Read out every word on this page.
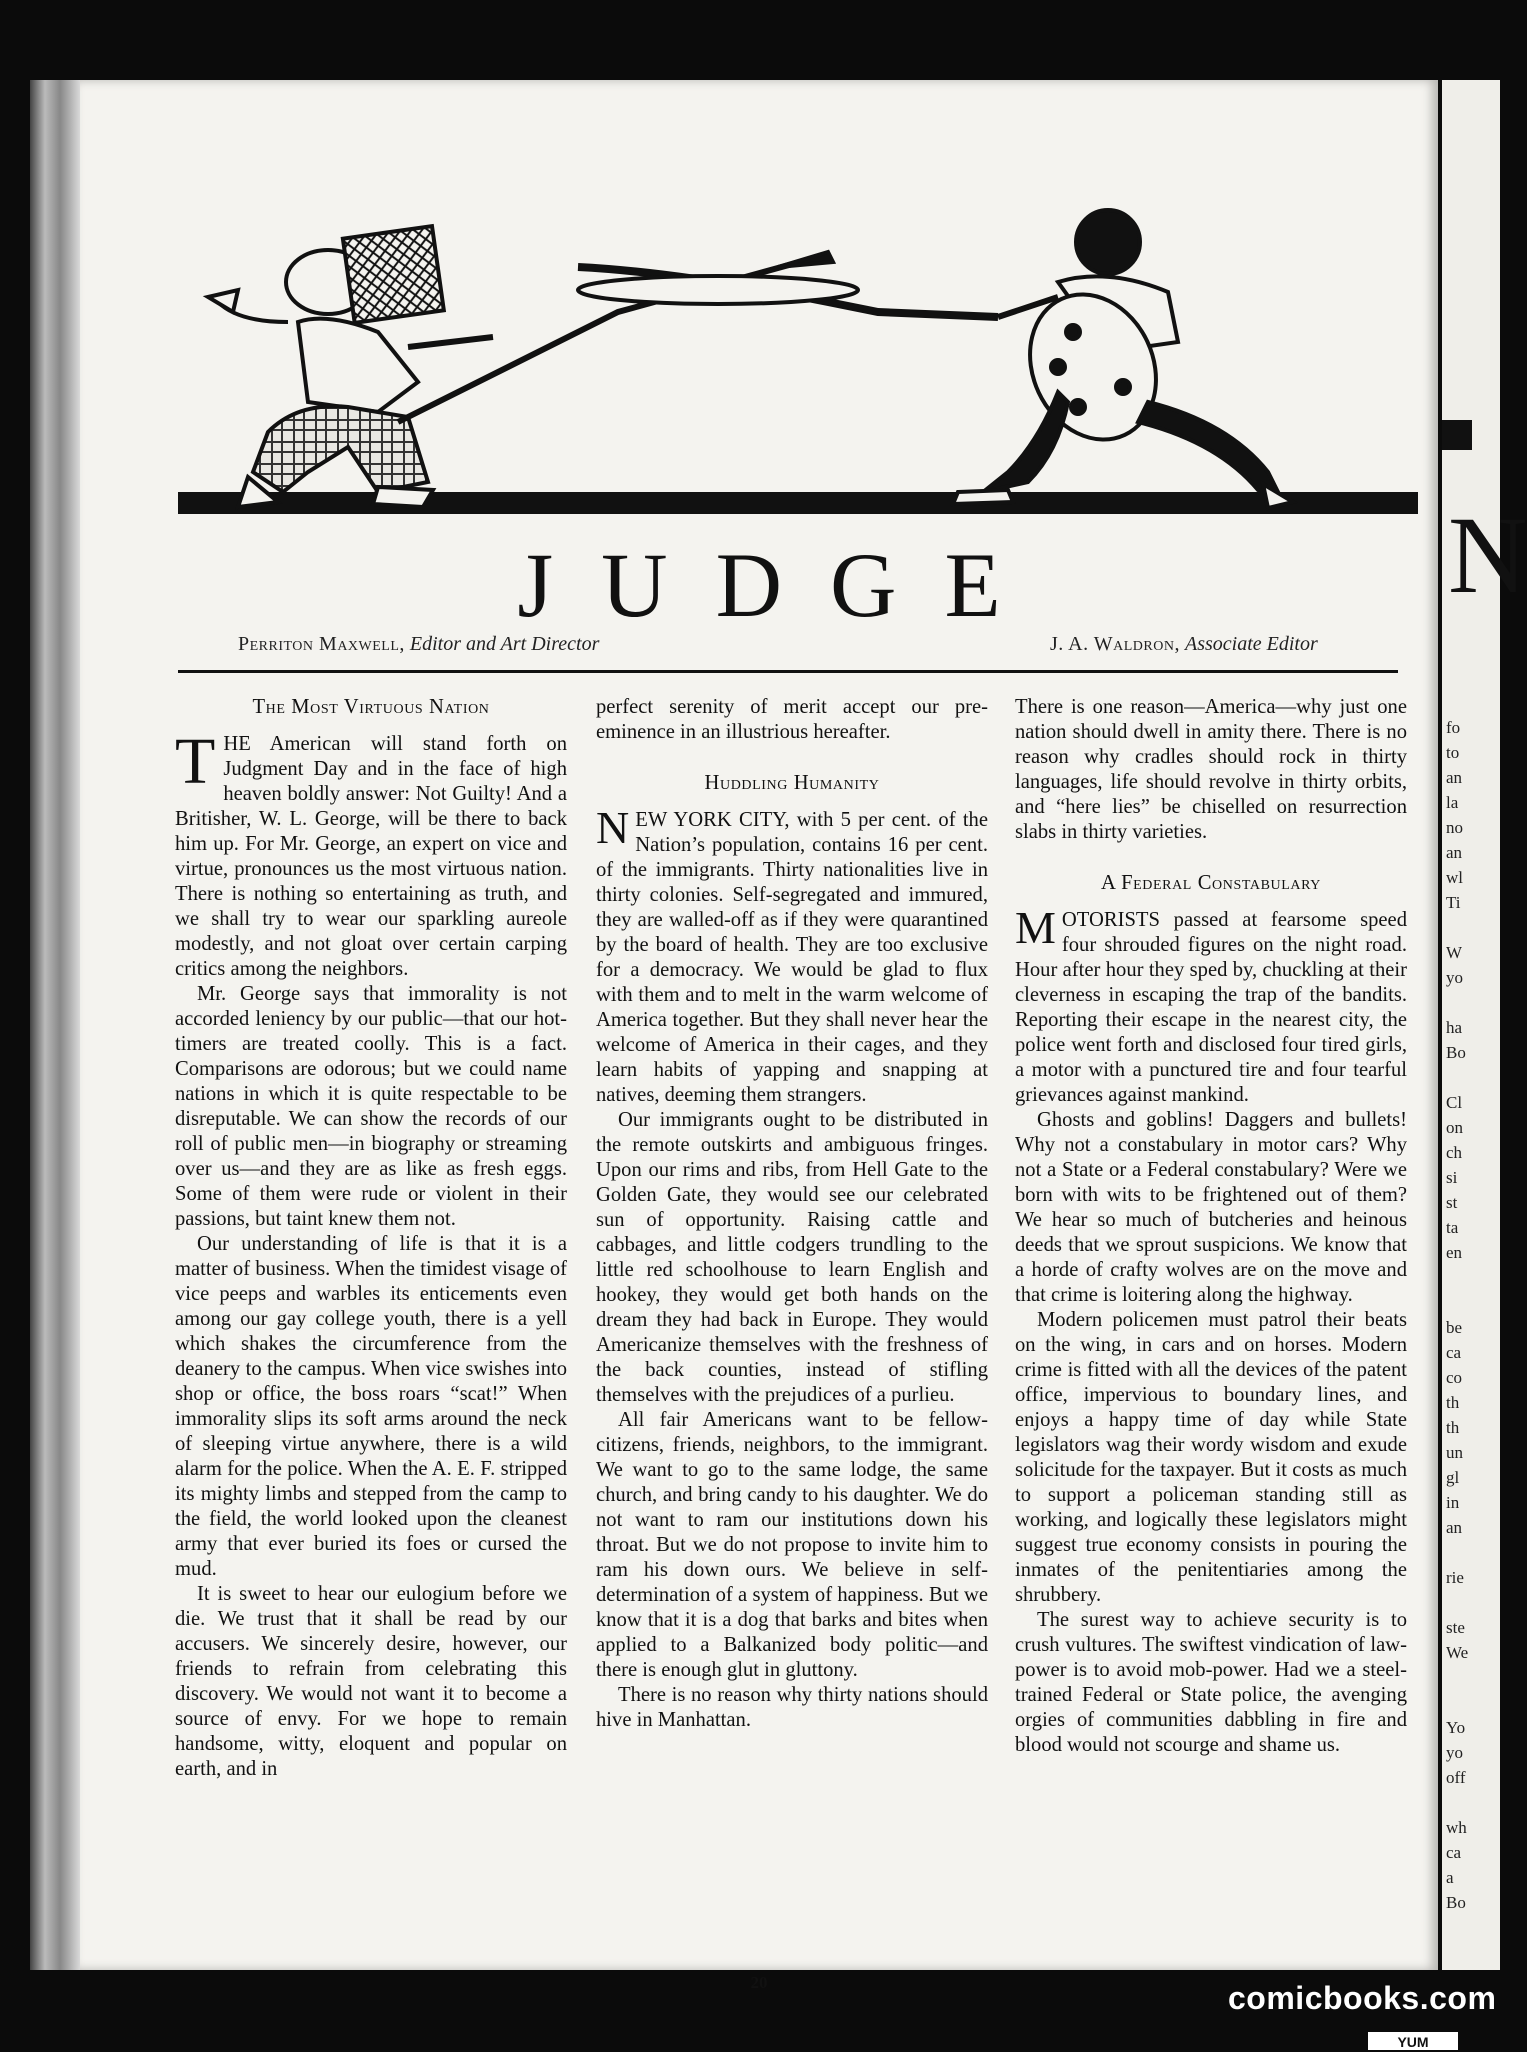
JUDGE
Perriton Maxwell, Editor and Art Director	J. A. Waldron, Associate Editor
The Most Virtuous Nation

THE American will stand forth on Judgment Day and in the face of high heaven boldly answer: Not Guilty! And a Britisher, W. L. George, will be there to back him up. For Mr. George, an expert on vice and virtue, pronounces us the most virtuous nation. There is nothing so entertaining as truth, and we shall try to wear our sparkling aureole modestly, and not gloat over certain carping critics among the neighbors.

Mr. George says that immorality is not accorded leniency by our public—that our hot-timers are treated coolly. This is a fact. Comparisons are odorous; but we could name nations in which it is quite respectable to be disreputable. We can show the records of our roll of public men—in biography or streaming over us—and they are as like as fresh eggs. Some of them were rude or violent in their passions, but taint knew them not.

Our understanding of life is that it is a matter of business. When the timidest visage of vice peeps and warbles its enticements even among our gay college youth, there is a yell which shakes the circumference from the deanery to the campus. When vice swishes into shop or office, the boss roars “scat!” When immorality slips its soft arms around the neck of sleeping virtue anywhere, there is a wild alarm for the police. When the A. E. F. stripped its mighty limbs and stepped from the camp to the field, the world looked upon the cleanest army that ever buried its foes or cursed the mud.

It is sweet to hear our eulogium before we die. We trust that it shall be read by our accusers. We sincerely desire, however, our friends to refrain from celebrating this discovery. We would not want it to become a source of envy. For we hope to remain handsome, witty, eloquent and popular on earth, and in

perfect serenity of merit accept our pre-eminence in an illustrious hereafter.

Huddling Humanity

NEW YORK CITY, with 5 per cent. of the Nation’s population, contains 16 per cent. of the immigrants. Thirty nationalities live in thirty colonies. Self-segregated and immured, they are walled-off as if they were quarantined by the board of health. They are too exclusive for a democracy. We would be glad to flux with them and to melt in the warm welcome of America together. But they shall never hear the welcome of America in their cages, and they learn habits of yapping and snapping at natives, deeming them strangers.

Our immigrants ought to be distributed in the remote outskirts and ambiguous fringes. Upon our rims and ribs, from Hell Gate to the Golden Gate, they would see our celebrated sun of opportunity. Raising cattle and cabbages, and little codgers trundling to the little red schoolhouse to learn English and hookey, they would get both hands on the dream they had back in Europe. They would Americanize themselves with the freshness of the back counties, instead of stifling themselves with the prejudices of a purlieu.

All fair Americans want to be fellow-citizens, friends, neighbors, to the immigrant. We want to go to the same lodge, the same church, and bring candy to his daughter. We do not want to ram our institutions down his throat. But we do not propose to invite him to ram his down ours. We believe in self-determination of a system of happiness. But we know that it is a dog that barks and bites when applied to a Balkanized body politic—and there is enough glut in gluttony.

There is no reason why thirty nations should hive in Manhattan.

There is one reason—America—why just one nation should dwell in amity there. There is no reason why cradles should rock in thirty languages, life should revolve in thirty orbits, and “here lies” be chiselled on resurrection slabs in thirty varieties.

A Federal Constabulary

MOTORISTS passed at fearsome speed four shrouded figures on the night road. Hour after hour they sped by, chuckling at their cleverness in escaping the trap of the bandits. Reporting their escape in the nearest city, the police went forth and disclosed four tired girls, a motor with a punctured tire and four tearful grievances against mankind.

Ghosts and goblins! Daggers and bullets! Why not a constabulary in motor cars? Why not a State or a Federal constabulary? Were we born with wits to be frightened out of them? We hear so much of butcheries and heinous deeds that we sprout suspicions. We know that a horde of crafty wolves are on the move and that crime is loitering along the highway.

Modern policemen must patrol their beats on the wing, in cars and on horses. Modern crime is fitted with all the devices of the patent office, impervious to boundary lines, and enjoys a happy time of day while State legislators wag their wordy wisdom and exude solicitude for the taxpayer. But it costs as much to support a policeman standing still as working, and logically these legislators might suggest true economy consists in pouring the inmates of the penitentiaries among the shrubbery.

The surest way to achieve security is to crush vultures. The swiftest vindication of law-power is to avoid mob-power. Had we a steel-trained Federal or State police, the avenging orgies of communities dabbling in fire and blood would not scourge and shame us.

20
N
fo
to
an
la
no
an
wl
Ti
W
yo
ha
Bo
Cl
on
ch
si
st
ta
en
be
ca
co
th
th
un
gl
in
an
rie
ste
We
Yo
yo
off
wh
ca
a
Bo
comicbooks.com
YUM
